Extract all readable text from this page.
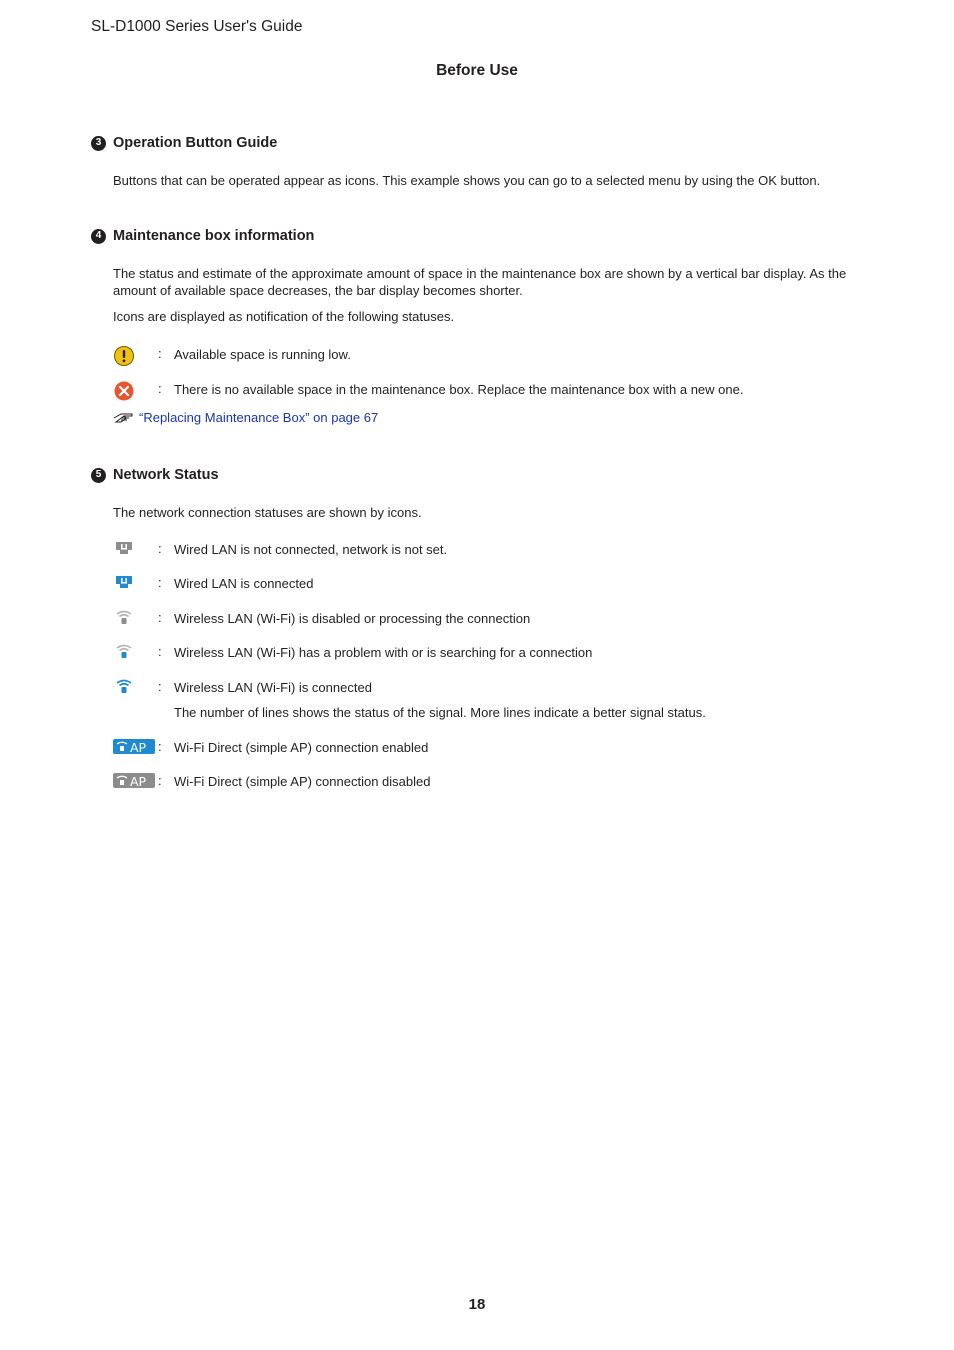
SL-D1000 Series User's Guide
Before Use
3 Operation Button Guide
Buttons that can be operated appear as icons. This example shows you can go to a selected menu by using the OK button.
4 Maintenance box information
The status and estimate of the approximate amount of space in the maintenance box are shown by a vertical bar display. As the amount of available space decreases, the bar display becomes shorter.
Icons are displayed as notification of the following statuses.
: Available space is running low.
: There is no available space in the maintenance box. Replace the maintenance box with a new one.
“Replacing Maintenance Box” on page 67
5 Network Status
The network connection statuses are shown by icons.
: Wired LAN is not connected, network is not set.
: Wired LAN is connected
: Wireless LAN (Wi-Fi) is disabled or processing the connection
: Wireless LAN (Wi-Fi) has a problem with or is searching for a connection
: Wireless LAN (Wi-Fi) is connected
The number of lines shows the status of the signal. More lines indicate a better signal status.
AP : Wi-Fi Direct (simple AP) connection enabled
AP : Wi-Fi Direct (simple AP) connection disabled
18
